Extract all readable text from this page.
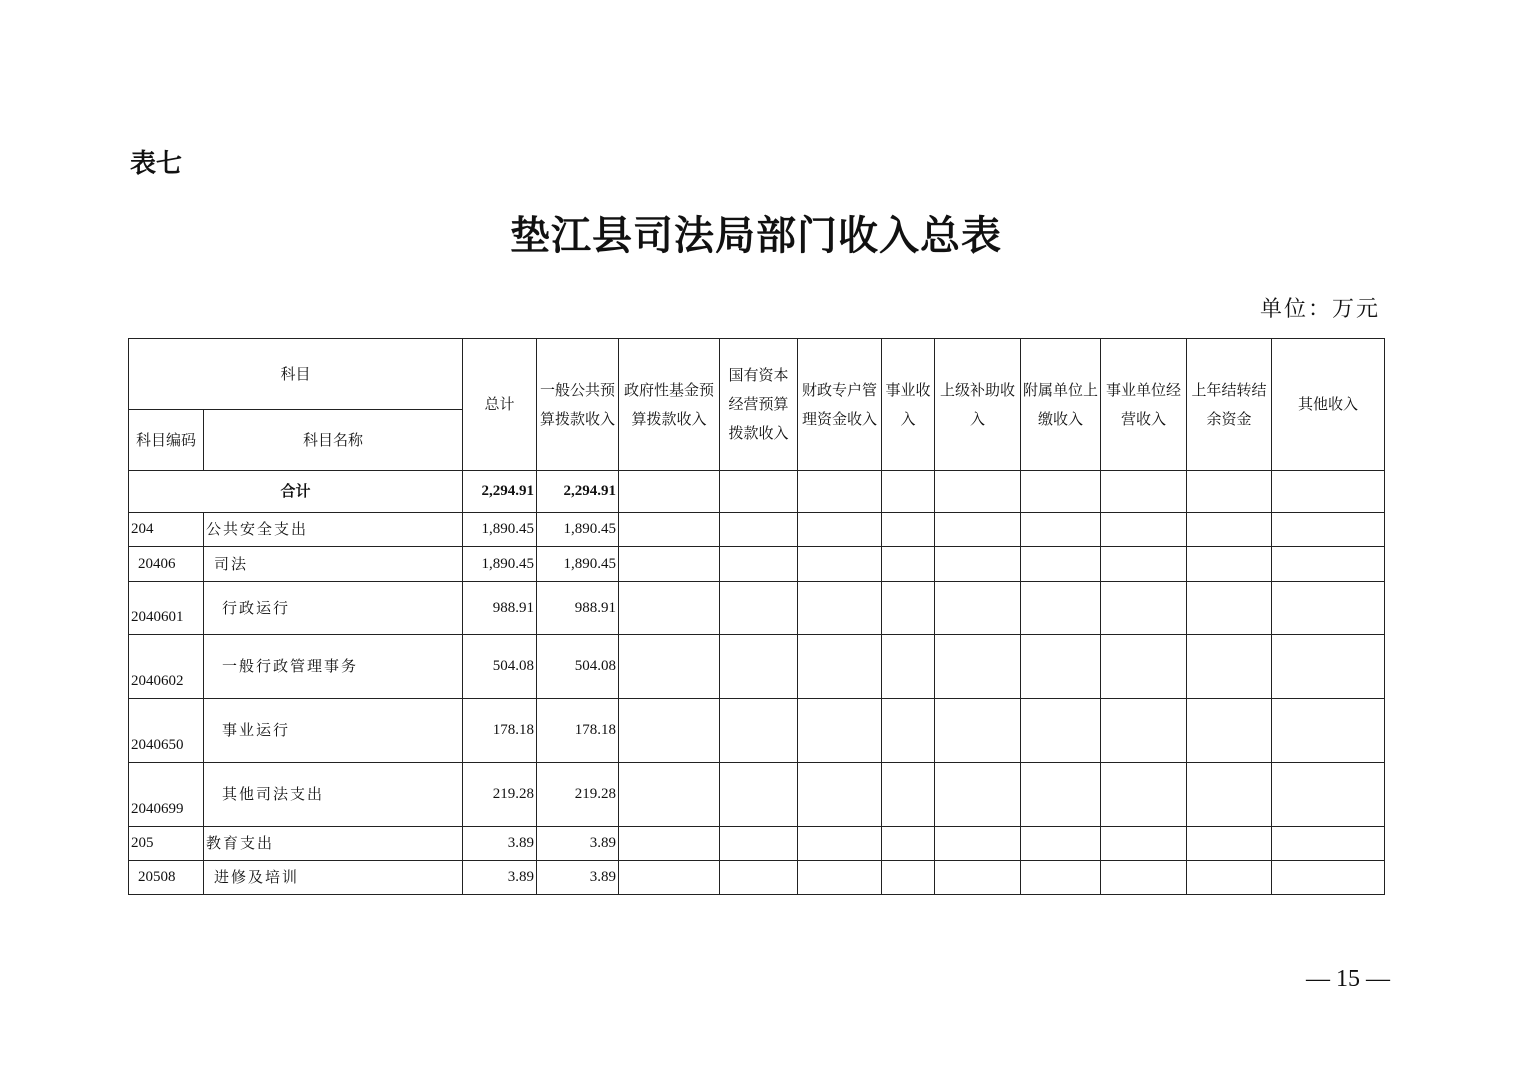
表七
垫江县司法局部门收入总表
单位：万元
科目		总计	一般公共预算拨款收入	政府性基金预算拨款收入	国有资本经营预算拨款收入	财政专户管理资金收入	事业收入	上级补助收入	附属单位上缴收入	事业单位经营收入	上年结转结余资金	其他收入
科目编码	科目名称											
合计		2,294.91	2,294.91									
204	公共安全支出	1,890.45	1,890.45									
20406	司法	1,890.45	1,890.45									
2040601	行政运行	988.91	988.91									
2040602	一般行政管理事务	504.08	504.08									
2040650	事业运行	178.18	178.18									
2040699	其他司法支出	219.28	219.28									
205	教育支出	3.89	3.89									
20508	进修及培训	3.89	3.89									
— 15 —
